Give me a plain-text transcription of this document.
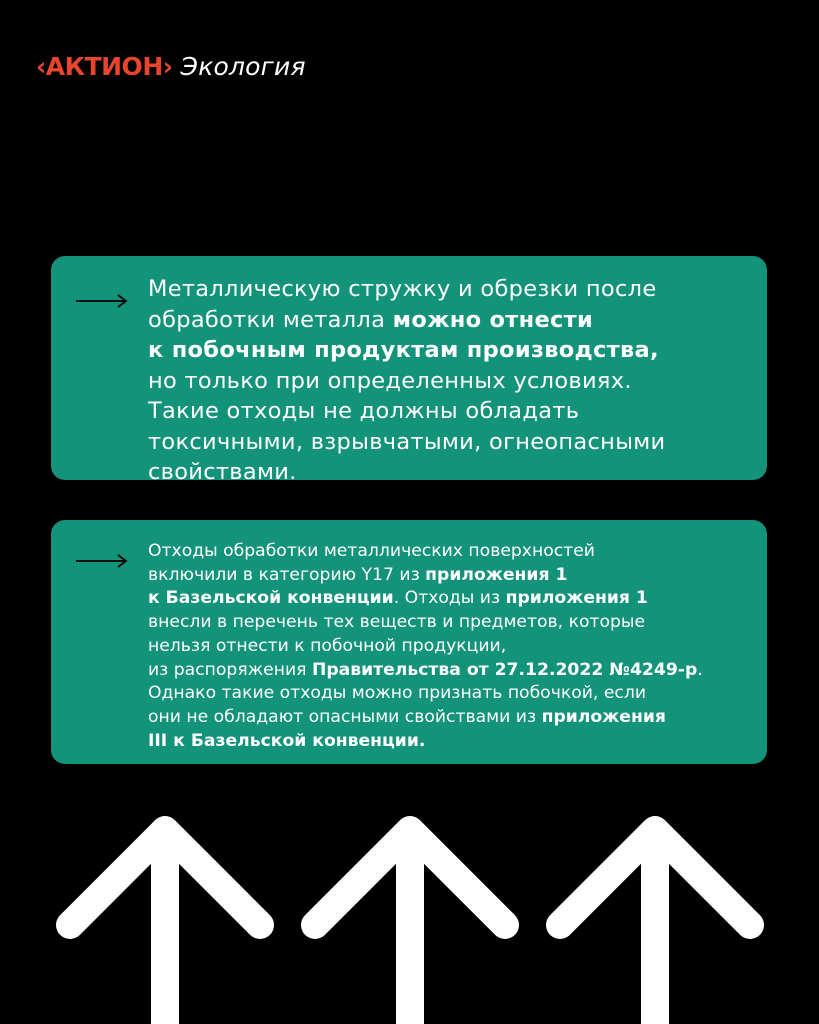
‹АКТИОН› Экология

Металлическую стружку и обрезки после
обработки металла можно отнести
к побочным продуктам производства,
но только при определенных условиях.
Такие отходы не должны обладать
токсичными, взрывчатыми, огнеопасными
свойствами.

Отходы обработки металлических поверхностей
включили в категорию Y17 из приложения 1
к Базельской конвенции. Отходы из приложения 1
внесли в перечень тех веществ и предметов, которые
нельзя отнести к побочной продукции,
из распоряжения Правительства от 27.12.2022 №4249-р.
Однако такие отходы можно признать побочкой, если
они не обладают опасными свойствами из приложения
III к Базельской конвенции.
